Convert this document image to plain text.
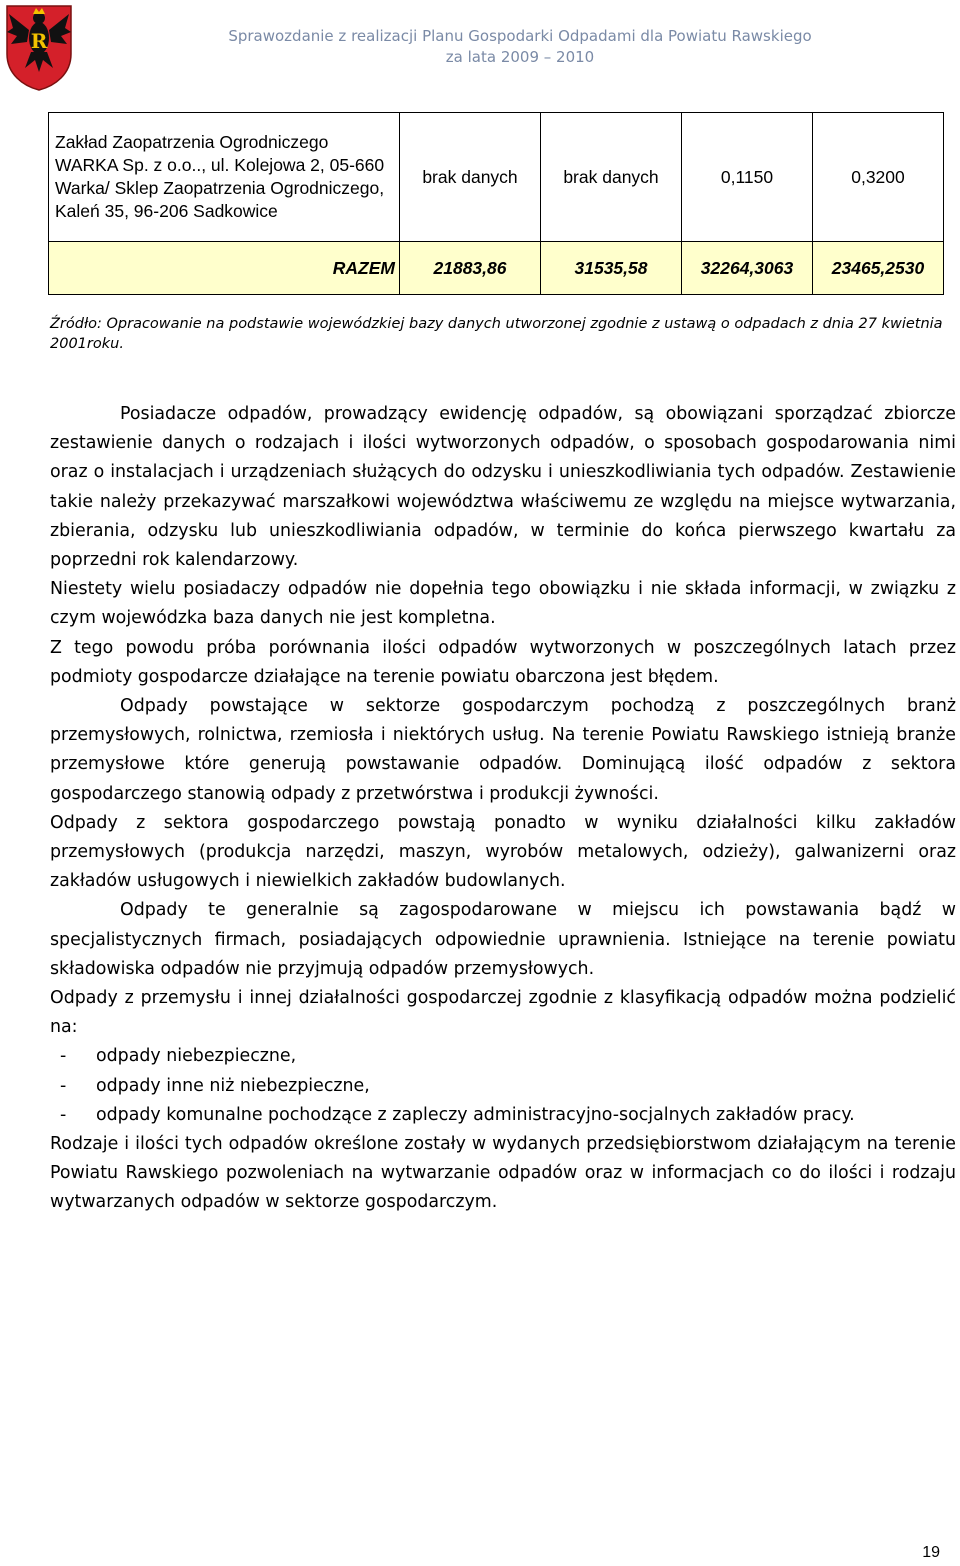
R	Sprawozdanie z realizacji Planu Gospodarki Odpadami dla Powiatu Rawskiego
za lata 2009 – 2010
Zakład Zaopatrzenia Ogrodniczego WARKA Sp. z o.o.., ul. Kolejowa 2, 05-660 Warka/ Sklep Zaopatrzenia Ogrodniczego, Kaleń 35, 96-206 Sadkowice	brak danych	brak danych	0,1150	0,3200
RAZEM	21883,86	31535,58	32264,3063	23465,2530
Źródło: Opracowanie na podstawie wojewódzkiej bazy danych utworzonej zgodnie z ustawą o odpadach z dnia 27 kwietnia 2001roku.

Posiadacze odpadów, prowadzący ewidencję odpadów, są obowiązani sporządzać zbiorcze zestawienie danych o rodzajach i ilości wytworzonych odpadów, o sposobach gospodarowania nimi oraz o instalacjach i urządzeniach służących do odzysku i unieszkodliwiania tych odpadów. Zestawienie takie należy przekazywać marszałkowi województwa właściwemu ze względu na miejsce wytwarzania, zbierania, odzysku lub unieszkodliwiania odpadów, w terminie do końca pierwszego kwartału za poprzedni rok kalendarzowy.

Niestety wielu posiadaczy odpadów nie dopełnia tego obowiązku i nie składa informacji, w związku z czym wojewódzka baza danych nie jest kompletna.

Z tego powodu próba porównania ilości odpadów wytworzonych w poszczególnych latach przez podmioty gospodarcze działające na terenie powiatu obarczona jest błędem.

Odpady powstające w sektorze gospodarczym pochodzą z poszczególnych branż przemysłowych, rolnictwa, rzemiosła i niektórych usług. Na terenie Powiatu Rawskiego istnieją branże przemysłowe które generują powstawanie odpadów. Dominującą ilość odpadów z sektora gospodarczego stanowią odpady z przetwórstwa i produkcji żywności.

Odpady z sektora gospodarczego powstają ponadto w wyniku działalności kilku zakładów przemysłowych (produkcja narzędzi, maszyn, wyrobów metalowych, odzieży), galwanizerni oraz zakładów usługowych i niewielkich zakładów budowlanych.

Odpady te generalnie są zagospodarowane w miejscu ich powstawania bądź w specjalistycznych firmach, posiadających odpowiednie uprawnienia. Istniejące na terenie powiatu składowiska odpadów nie przyjmują odpadów przemysłowych.

Odpady z przemysłu i innej działalności gospodarczej zgodnie z klasyfikacją odpadów można podzielić na:

- odpady niebezpieczne,
- odpady inne niż niebezpieczne,
- odpady komunalne pochodzące z zapleczy administracyjno-socjalnych zakładów pracy.

Rodzaje i ilości tych odpadów określone zostały w wydanych przedsiębiorstwom działającym na terenie Powiatu Rawskiego pozwoleniach na wytwarzanie odpadów oraz w informacjach co do ilości i rodzaju wytwarzanych odpadów w sektorze gospodarczym.

19
